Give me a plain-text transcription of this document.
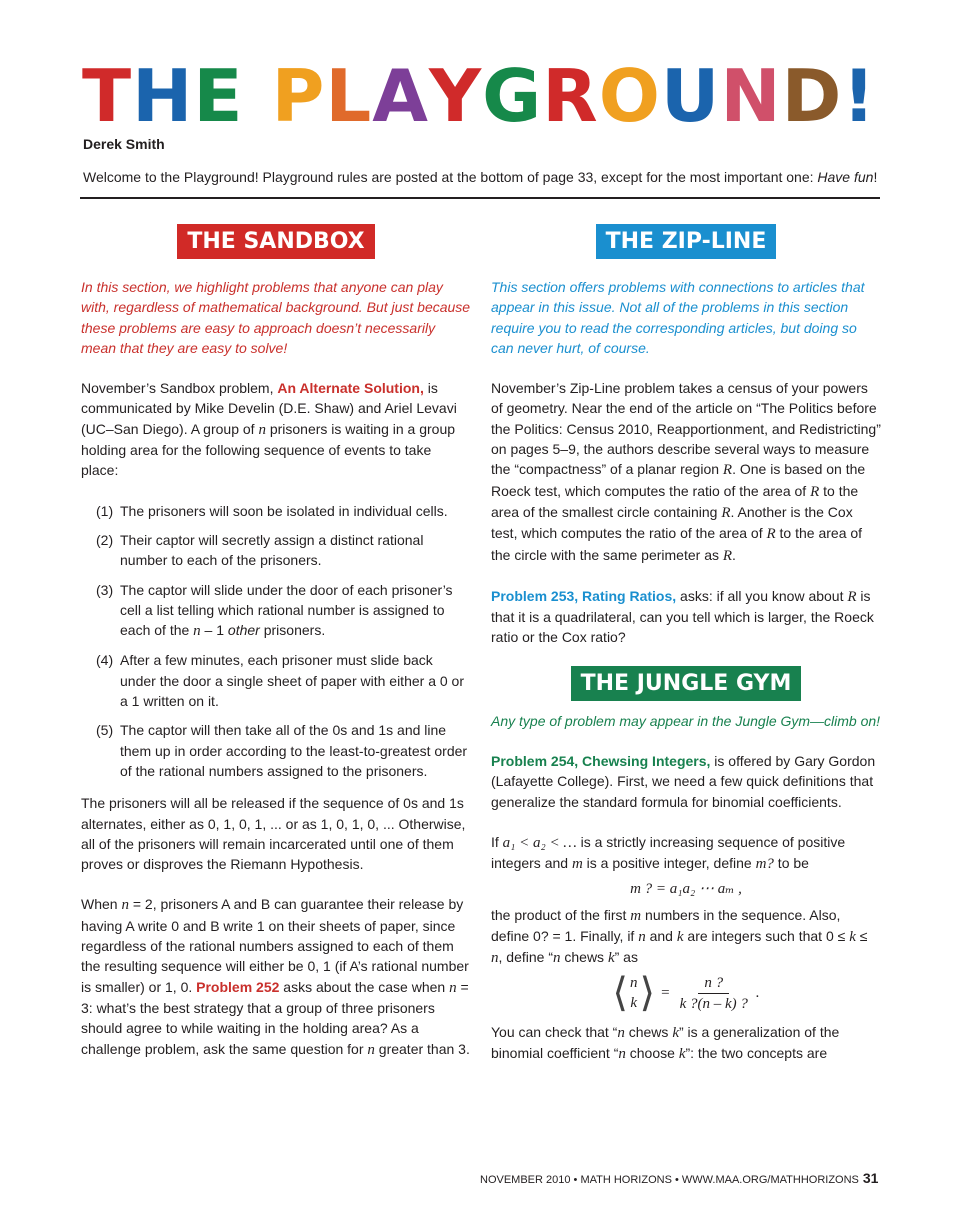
THE PLAYGROUND!
Derek Smith
Welcome to the Playground! Playground rules are posted at the bottom of page 33, except for the most important one: Have fun!
THE SANDBOX

In this section, we highlight problems that anyone can play with, regardless of mathematical background. But just because these problems are easy to approach doesn’t necessarily mean that they are easy to solve!

November’s Sandbox problem, An Alternate Solution, is communicated by Mike Develin (D.E. Shaw) and Ariel Levavi (UC–San Diego). A group of n prisoners is waiting in a group holding area for the following sequence of events to take place:

(1) The prisoners will soon be isolated in individual cells.
(2) Their captor will secretly assign a distinct rational number to each of the prisoners.
(3) The captor will slide under the door of each prisoner’s cell a list telling which rational number is assigned to each of the n – 1 other prisoners.
(4) After a few minutes, each prisoner must slide back under the door a single sheet of paper with either a 0 or a 1 written on it.
(5) The captor will then take all of the 0s and 1s and line them up in order according to the least-to-greatest order of the rational numbers assigned to the prisoners.

The prisoners will all be released if the sequence of 0s and 1s alternates, either as 0, 1, 0, 1, ... or as 1, 0, 1, 0, ... Otherwise, all of the prisoners will remain incarcerated until one of them proves or disproves the Riemann Hypothesis.

When n = 2, prisoners A and B can guarantee their release by having A write 0 and B write 1 on their sheets of paper, since regardless of the rational numbers assigned to each of them the resulting sequence will either be 0, 1 (if A’s rational number is smaller) or 1, 0. Problem 252 asks about the case when n = 3: what’s the best strategy that a group of three prisoners should agree to while waiting in the holding area? As a challenge problem, ask the same question for n greater than 3.

THE ZIP-LINE

This section offers problems with connections to articles that appear in this issue. Not all of the problems in this section require you to read the corresponding articles, but doing so can never hurt, of course.

November’s Zip-Line problem takes a census of your powers of geometry. Near the end of the article on “The Politics before the Politics: Census 2010, Reapportionment, and Redistricting” on pages 5–9, the authors describe several ways to measure the “compactness” of a planar region R. One is based on the Roeck test, which computes the ratio of the area of R to the area of the smallest circle containing R. Another is the Cox test, which computes the ratio of the area of R to the area of the circle with the same perimeter as R.

Problem 253, Rating Ratios, asks: if all you know about R is that it is a quadrilateral, can you tell which is larger, the Roeck ratio or the Cox ratio?

THE JUNGLE GYM

Any type of problem may appear in the Jungle Gym—climb on!

Problem 254, Chewsing Integers, is offered by Gary Gordon (Lafayette College). First, we need a few quick definitions that generalize the standard formula for binomial coefficients.

If a₁ < a₂ < … is a strictly increasing sequence of positive integers and m is a positive integer, define m? to be

m ? = a₁a₂ ⋯ aₘ ,

the product of the first m numbers in the sequence. Also, define 0? = 1. Finally, if n and k are integers such that 0 ≤ k ≤ n, define “n chews k” as

⟨ n
k ⟩ = $\frac{n ?}{k ?(n - k) ?}$ .

You can check that “n chews k” is a generalization of the binomial coefficient “n choose k”: the two concepts are

NOVEMBER 2010 • MATH HORIZONS • WWW.MAA.ORG/MATHHORIZONS 31
